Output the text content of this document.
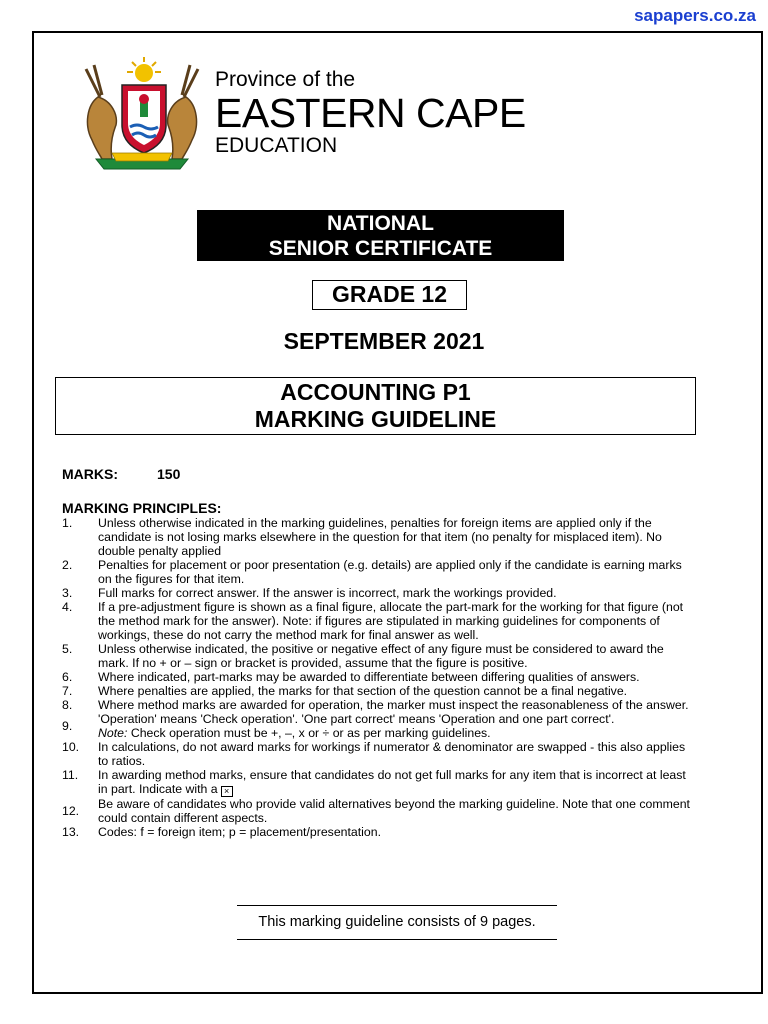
sapapers.co.za
Province of the
EASTERN CAPE
EDUCATION
NATIONAL
SENIOR CERTIFICATE
GRADE 12
SEPTEMBER 2021
ACCOUNTING P1
MARKING GUIDELINE
MARKS:	150
MARKING PRINCIPLES:
1. Unless otherwise indicated in the marking guidelines, penalties for foreign items are applied only if the candidate is not losing marks elsewhere in the question for that item (no penalty for misplaced item). No double penalty applied
2. Penalties for placement or poor presentation (e.g. details) are applied only if the candidate is earning marks on the figures for that item.
3. Full marks for correct answer. If the answer is incorrect, mark the workings provided.
4. If a pre-adjustment figure is shown as a final figure, allocate the part-mark for the working for that figure (not the method mark for the answer). Note: if figures are stipulated in marking guidelines for components of workings, these do not carry the method mark for final answer as well.
5. Unless otherwise indicated, the positive or negative effect of any figure must be considered to award the mark. If no + or – sign or bracket is provided, assume that the figure is positive.
6. Where indicated, part-marks may be awarded to differentiate between differing qualities of answers.
7. Where penalties are applied, the marks for that section of the question cannot be a final negative.
8. Where method marks are awarded for operation, the marker must inspect the reasonableness of the answer.
9. 'Operation' means 'Check operation'. 'One part correct' means 'Operation and one part correct'.
Note: Check operation must be +, –, x or ÷ or as per marking guidelines.
10. In calculations, do not award marks for workings if numerator & denominator are swapped - this also applies to ratios.
11. In awarding method marks, ensure that candidates do not get full marks for any item that is incorrect at least in part. Indicate with a ×
12. Be aware of candidates who provide valid alternatives beyond the marking guideline. Note that one comment could contain different aspects.
13. Codes: f = foreign item; p = placement/presentation.
This marking guideline consists of 9 pages.
